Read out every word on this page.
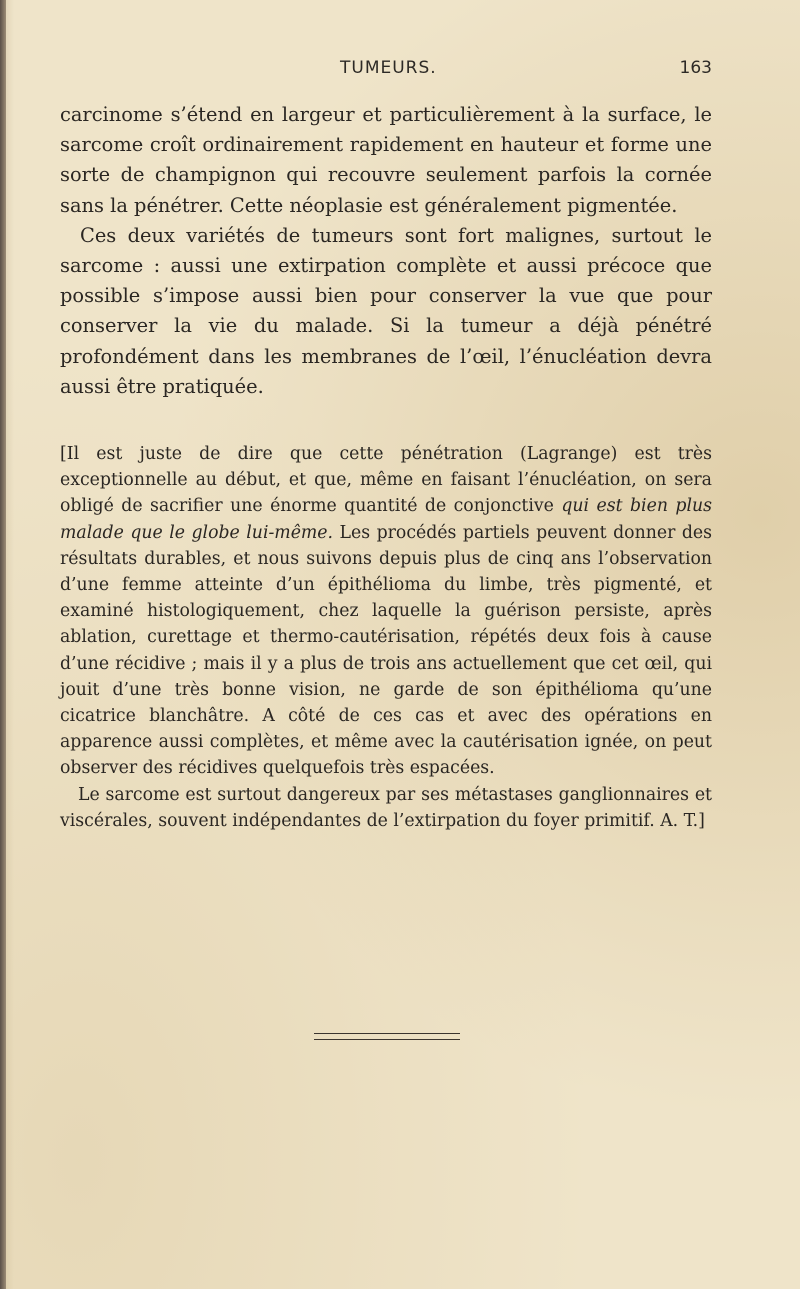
TUMEURS.	163

carcinome s’étend en largeur et particulièrement à la surface, le sarcome croît ordinairement rapidement en hauteur et forme une sorte de champignon qui recouvre seulement parfois la cornée sans la pénétrer. Cette néoplasie est généralement pigmentée.

Ces deux variétés de tumeurs sont fort malignes, surtout le sarcome : aussi une extirpation complète et aussi précoce que possible s’impose aussi bien pour conserver la vue que pour conserver la vie du malade. Si la tumeur a déjà pénétré profondément dans les membranes de l’œil, l’énucléation devra aussi être pratiquée.

[Il est juste de dire que cette pénétration (Lagrange) est très exceptionnelle au début, et que, même en faisant l’énucléation, on sera obligé de sacrifier une énorme quantité de conjonctive qui est bien plus malade que le globe lui-même. Les procédés partiels peuvent donner des résultats durables, et nous suivons depuis plus de cinq ans l’observation d’une femme atteinte d’un épithélioma du limbe, très pigmenté, et examiné histologiquement, chez laquelle la guérison persiste, après ablation, curettage et thermo-cautérisation, répétés deux fois à cause d’une récidive ; mais il y a plus de trois ans actuellement que cet œil, qui jouit d’une très bonne vision, ne garde de son épithélioma qu’une cicatrice blanchâtre. A côté de ces cas et avec des opérations en apparence aussi complètes, et même avec la cautérisation ignée, on peut observer des récidives quelquefois très espacées.

Le sarcome est surtout dangereux par ses métastases ganglionnaires et viscérales, souvent indépendantes de l’extirpation du foyer primitif. A. T.]
